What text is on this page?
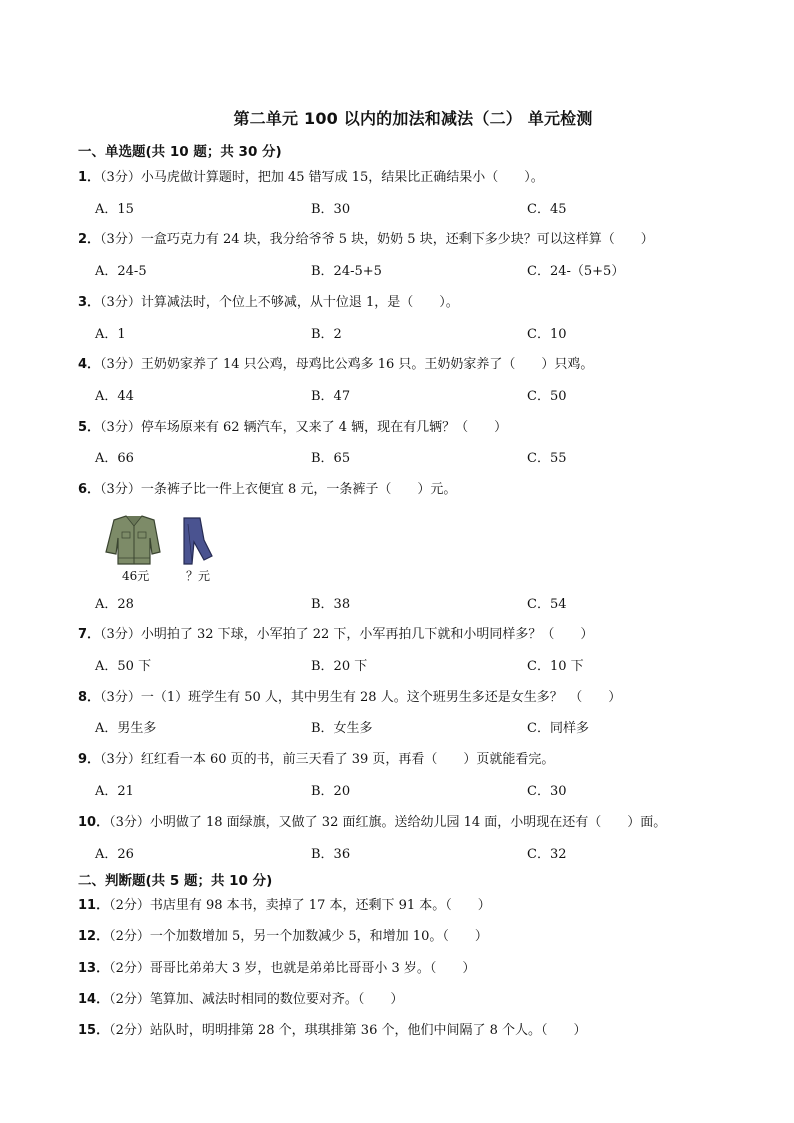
第二单元 100 以内的加法和减法（二） 单元检测
一、单选题(共 10 题；共 30 分)
1．（3分）小马虎做计算题时，把加 45 错写成 15，结果比正确结果小（　　）。
A．15	B．30	C．45
2．（3分）一盒巧克力有 24 块，我分给爷爷 5 块，奶奶 5 块，还剩下多少块？可以这样算（　　）
A．24-5	B．24-5+5	C．24-（5+5）
3．（3分）计算减法时，个位上不够减，从十位退 1，是（　　）。
A．1	B．2	C．10
4．（3分）王奶奶家养了 14 只公鸡，母鸡比公鸡多 16 只。王奶奶家养了（　　）只鸡。
A．44	B．47	C．50
5．（3分）停车场原来有 62 辆汽车，又来了 4 辆，现在有几辆？（　　）
A．66	B．65	C．55
6．（3分）一条裤子比一件上衣便宜 8 元，一条裤子（　　）元。
46元	？元
A．28	B．38	C．54
7．（3分）小明拍了 32 下球，小军拍了 22 下，小军再拍几下就和小明同样多？（　　）
A．50 下	B．20 下	C．10 下
8．（3分）一（1）班学生有 50 人，其中男生有 28 人。这个班男生多还是女生多？　（　　）
A．男生多	B．女生多	C．同样多
9．（3分）红红看一本 60 页的书，前三天看了 39 页，再看（　　）页就能看完。
A．21	B．20	C．30
10．（3分）小明做了 18 面绿旗，又做了 32 面红旗。送给幼儿园 14 面，小明现在还有（　　）面。
A．26	B．36	C．32
二、判断题(共 5 题；共 10 分)
11．（2分）书店里有 98 本书，卖掉了 17 本，还剩下 91 本。（　　）
12．（2分）一个加数增加 5，另一个加数减少 5，和增加 10。（　　）
13．（2分）哥哥比弟弟大 3 岁，也就是弟弟比哥哥小 3 岁。（　　）
14．（2分）笔算加、减法时相同的数位要对齐。（　　）
15．（2分）站队时，明明排第 28 个，琪琪排第 36 个，他们中间隔了 8 个人。（　　）
